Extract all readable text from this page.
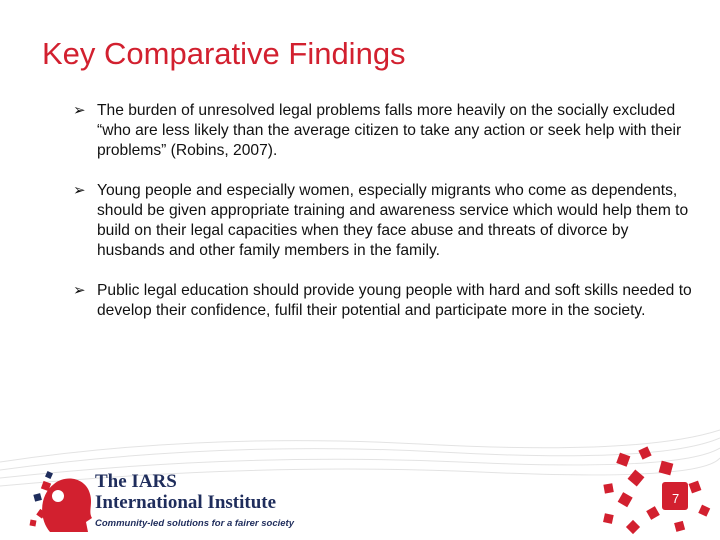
Key Comparative Findings
➢ The burden of unresolved legal problems falls more heavily on the socially excluded “who are less likely than the average citizen to take any action or seek help with their problems” (Robins, 2007).
➢ Young people and especially women, especially migrants who come as dependents, should be given appropriate training and awareness service which would help them to build on their legal capacities when they face abuse and threats of divorce by husbands and other family members in the family.
➢ Public legal education should provide young people with hard and soft skills needed to develop their confidence, fulfil their potential and participate more in the society.
The IARS
International Institute
Community-led solutions for a fairer society
7
